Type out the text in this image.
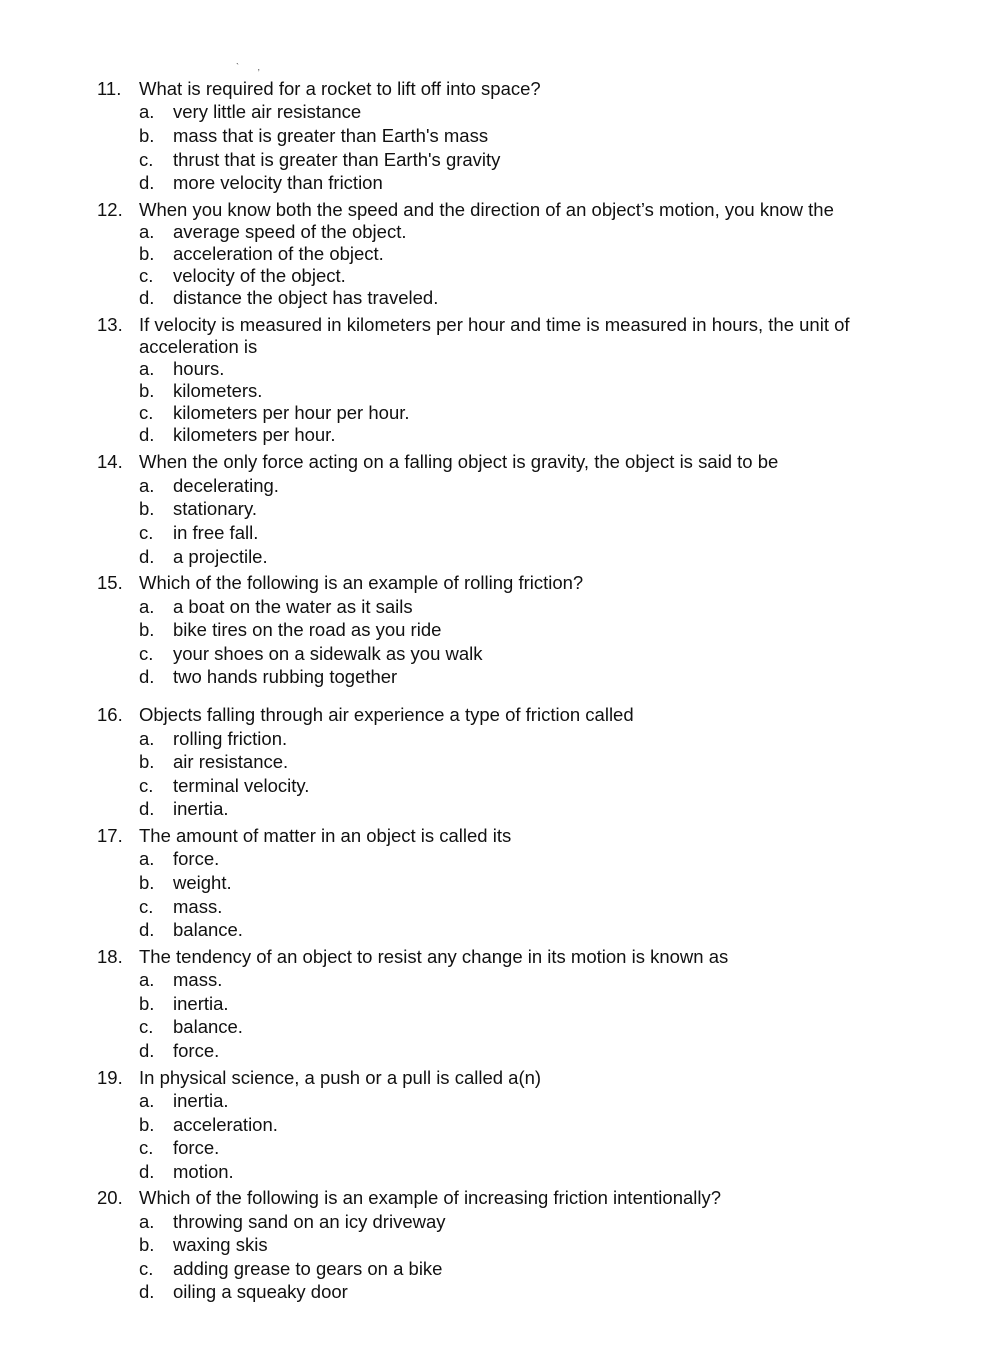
` ,
11. What is required for a rocket to lift off into space?
a. very little air resistance
b. mass that is greater than Earth's mass
c. thrust that is greater than Earth's gravity
d. more velocity than friction
12. When you know both the speed and the direction of an object’s motion, you know the
a. average speed of the object.
b. acceleration of the object.
c. velocity of the object.
d. distance the object has traveled.
13. If velocity is measured in kilometers per hour and time is measured in hours, the unit of acceleration is
a. hours.
b. kilometers.
c. kilometers per hour per hour.
d. kilometers per hour.
14. When the only force acting on a falling object is gravity, the object is said to be
a. decelerating.
b. stationary.
c. in free fall.
d. a projectile.
15. Which of the following is an example of rolling friction?
a. a boat on the water as it sails
b. bike tires on the road as you ride
c. your shoes on a sidewalk as you walk
d. two hands rubbing together
16. Objects falling through air experience a type of friction called
a. rolling friction.
b. air resistance.
c. terminal velocity.
d. inertia.
17. The amount of matter in an object is called its
a. force.
b. weight.
c. mass.
d. balance.
18. The tendency of an object to resist any change in its motion is known as
a. mass.
b. inertia.
c. balance.
d. force.
19. In physical science, a push or a pull is called a(n)
a. inertia.
b. acceleration.
c. force.
d. motion.
20. Which of the following is an example of increasing friction intentionally?
a. throwing sand on an icy driveway
b. waxing skis
c. adding grease to gears on a bike
d. oiling a squeaky door
